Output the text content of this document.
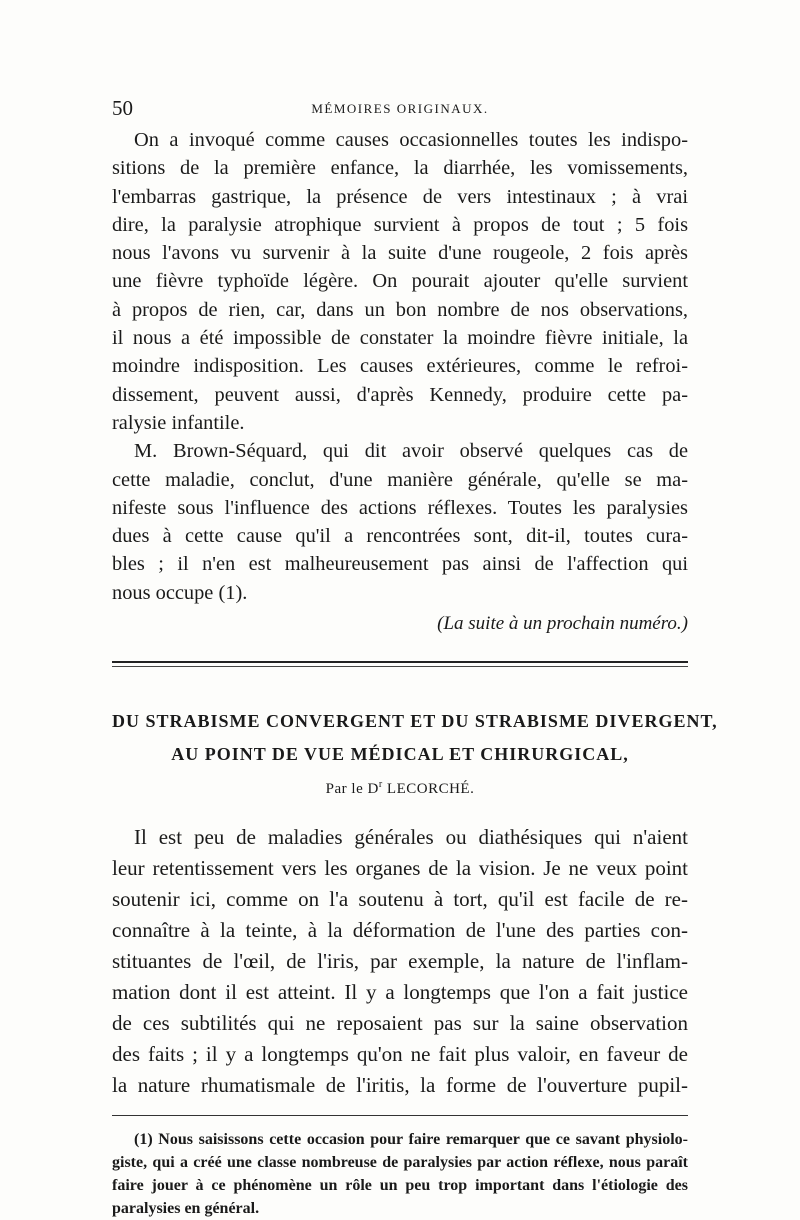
50	MÉMOIRES ORIGINAUX.

On a invoqué comme causes occasionnelles toutes les indispo-
sitions de la première enfance, la diarrhée, les vomissements,
l'embarras gastrique, la présence de vers intestinaux ; à vrai
dire, la paralysie atrophique survient à propos de tout ; 5 fois
nous l'avons vu survenir à la suite d'une rougeole, 2 fois après
une fièvre typhoïde légère. On pourait ajouter qu'elle survient
à propos de rien, car, dans un bon nombre de nos observations,
il nous a été impossible de constater la moindre fièvre initiale, la
moindre indisposition. Les causes extérieures, comme le refroi-
dissement, peuvent aussi, d'après Kennedy, produire cette pa-
ralysie infantile.

M. Brown-Séquard, qui dit avoir observé quelques cas de
cette maladie, conclut, d'une manière générale, qu'elle se ma-
nifeste sous l'influence des actions réflexes. Toutes les paralysies
dues à cette cause qu'il a rencontrées sont, dit-il, toutes cura-
bles ; il n'en est malheureusement pas ainsi de l'affection qui
nous occupe (1).

(La suite à un prochain numéro.)

DU STRABISME CONVERGENT ET DU STRABISME DIVERGENT,
AU POINT DE VUE MÉDICAL ET CHIRURGICAL,

Par le $D^r$ LECORCHÉ.

Il est peu de maladies générales ou diathésiques qui n'aient
leur retentissement vers les organes de la vision. Je ne veux point
soutenir ici, comme on l'a soutenu à tort, qu'il est facile de re-
connaître à la teinte, à la déformation de l'une des parties con-
stituantes de l'œil, de l'iris, par exemple, la nature de l'inflam-
mation dont il est atteint. Il y a longtemps que l'on a fait justice
de ces subtilités qui ne reposaient pas sur la saine observation
des faits ; il y a longtemps qu'on ne fait plus valoir, en faveur de
la nature rhumatismale de l'iritis, la forme de l'ouverture pupil-

(1) Nous saisissons cette occasion pour faire remarquer que ce savant physiolo-
giste, qui a créé une classe nombreuse de paralysies par action réflexe, nous paraît
faire jouer à ce phénomène un rôle un peu trop important dans l'étiologie des
paralysies en général.
